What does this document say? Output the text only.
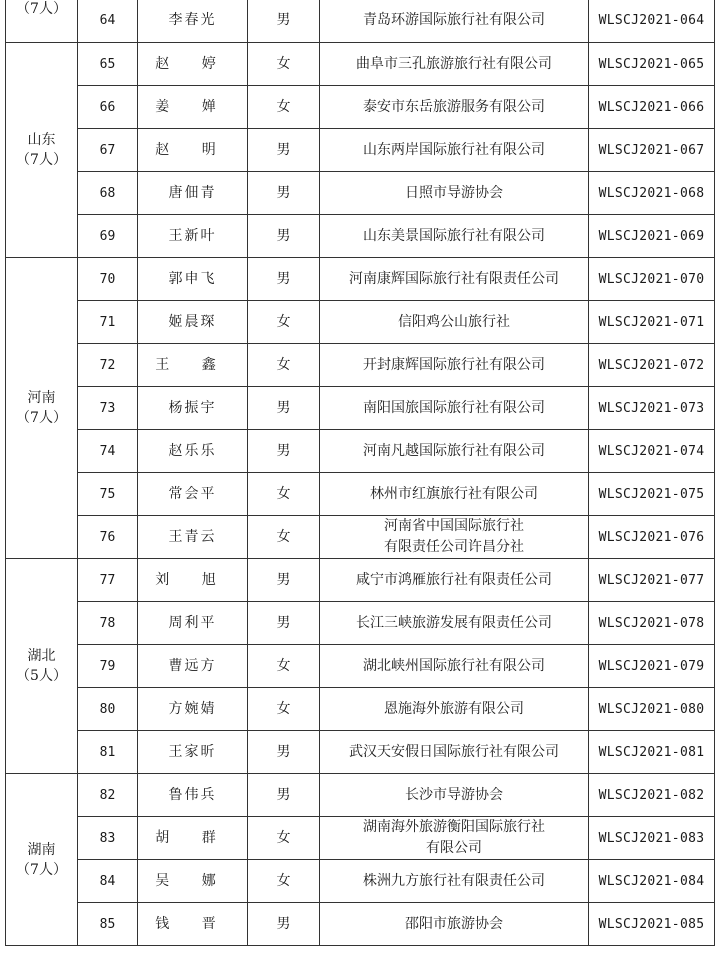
（7人）	64	李春光	男	青岛环游国际旅行社有限公司	WLSCJ2021-064

山东
（7人）	65	赵 婷	女	曲阜市三孔旅游旅行社有限公司	WLSCJ2021-065
	66	姜 婵	女	泰安市东岳旅游服务有限公司	WLSCJ2021-066
	67	赵 明	男	山东两岸国际旅行社有限公司	WLSCJ2021-067
	68	唐佃青	男	日照市导游协会	WLSCJ2021-068
	69	王新叶	男	山东美景国际旅行社有限公司	WLSCJ2021-069

河南
（7人）	70	郭申飞	男	河南康辉国际旅行社有限责任公司	WLSCJ2021-070
	71	姬晨琛	女	信阳鸡公山旅行社	WLSCJ2021-071
	72	王 鑫	女	开封康辉国际旅行社有限公司	WLSCJ2021-072
	73	杨振宇	男	南阳国旅国际旅行社有限公司	WLSCJ2021-073
	74	赵乐乐	男	河南凡越国际旅行社有限公司	WLSCJ2021-074
	75	常会平	女	林州市红旗旅行社有限公司	WLSCJ2021-075
	76	王青云	女	河南省中国国际旅行社
有限责任公司许昌分社	WLSCJ2021-076

湖北
（5人）	77	刘 旭	男	咸宁市鸿雁旅行社有限责任公司	WLSCJ2021-077
	78	周利平	男	长江三峡旅游发展有限责任公司	WLSCJ2021-078
	79	曹远方	女	湖北峡州国际旅行社有限公司	WLSCJ2021-079
	80	方婉婧	女	恩施海外旅游有限公司	WLSCJ2021-080
	81	王家昕	男	武汉天安假日国际旅行社有限公司	WLSCJ2021-081

湖南
（7人）	82	鲁伟兵	男	长沙市导游协会	WLSCJ2021-082
	83	胡 群	女	湖南海外旅游衡阳国际旅行社
有限公司	WLSCJ2021-083
	84	吴 娜	女	株洲九方旅行社有限责任公司	WLSCJ2021-084
	85	钱 晋	男	邵阳市旅游协会	WLSCJ2021-085
